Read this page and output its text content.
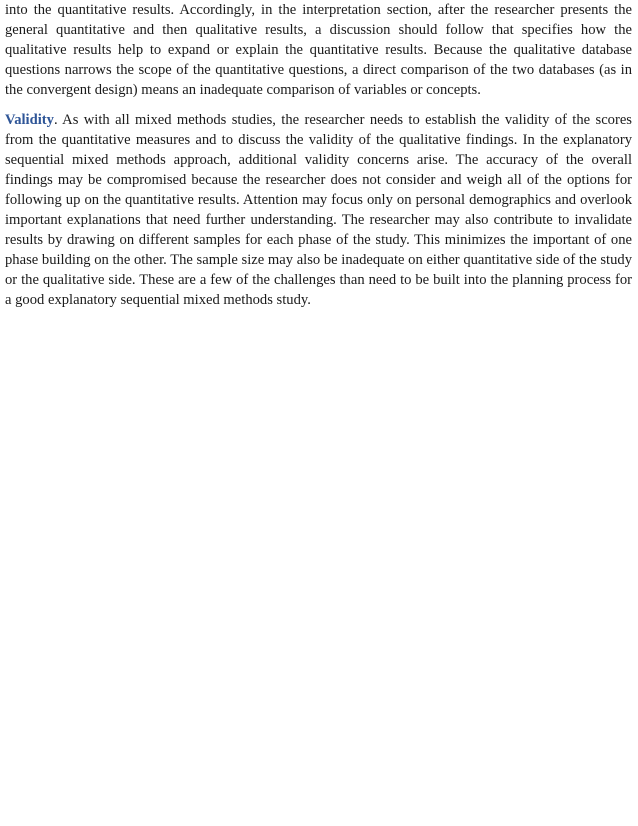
into the quantitative results. Accordingly, in the interpretation section, after the researcher presents the general quantitative and then qualitative results, a discussion should follow that specifies how the qualitative results help to expand or explain the quantitative results. Because the qualitative database questions narrows the scope of the quantitative questions, a direct comparison of the two databases (as in the convergent design) means an inadequate comparison of variables or concepts.

Validity. As with all mixed methods studies, the researcher needs to establish the validity of the scores from the quantitative measures and to discuss the validity of the qualitative findings. In the explanatory sequential mixed methods approach, additional validity concerns arise. The accuracy of the overall findings may be compromised because the researcher does not consider and weigh all of the options for following up on the quantitative results. Attention may focus only on personal demographics and overlook important explanations that need further understanding. The researcher may also contribute to invalidate results by drawing on different samples for each phase of the study. This minimizes the important of one phase building on the other. The sample size may also be inadequate on either quantitative side of the study or the qualitative side. These are a few of the challenges than need to be built into the planning process for a good explanatory sequential mixed methods study.
